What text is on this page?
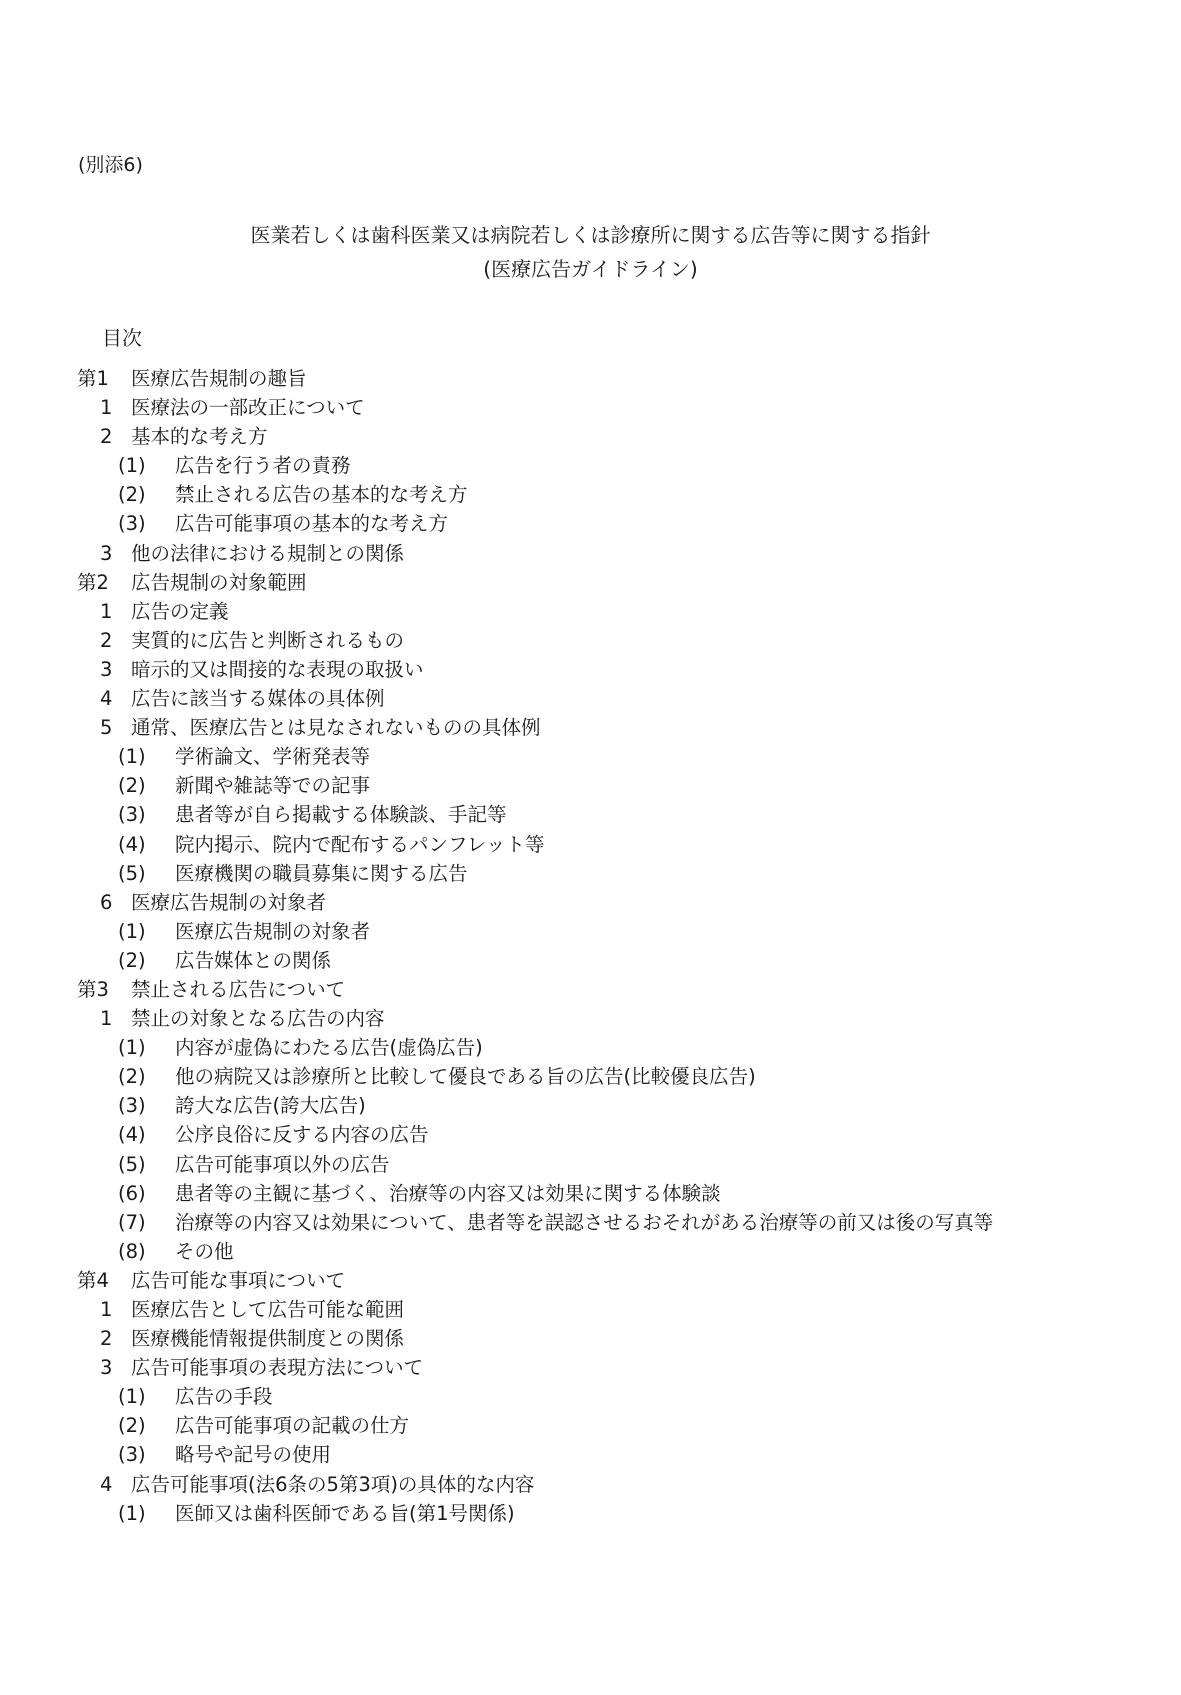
(別添6)
医業若しくは歯科医業又は病院若しくは診療所に関する広告等に関する指針
(医療広告ガイドライン)
目次
第1 医療広告規制の趣旨
1 医療法の一部改正について
2 基本的な考え方
(1) 広告を行う者の責務
(2) 禁止される広告の基本的な考え方
(3) 広告可能事項の基本的な考え方
3 他の法律における規制との関係
第2 広告規制の対象範囲
1 広告の定義
2 実質的に広告と判断されるもの
3 暗示的又は間接的な表現の取扱い
4 広告に該当する媒体の具体例
5 通常、医療広告とは見なされないものの具体例
(1) 学術論文、学術発表等
(2) 新聞や雑誌等での記事
(3) 患者等が自ら掲載する体験談、手記等
(4) 院内掲示、院内で配布するパンフレット等
(5) 医療機関の職員募集に関する広告
6 医療広告規制の対象者
(1) 医療広告規制の対象者
(2) 広告媒体との関係
第3 禁止される広告について
1 禁止の対象となる広告の内容
(1) 内容が虚偽にわたる広告(虚偽広告)
(2) 他の病院又は診療所と比較して優良である旨の広告(比較優良広告)
(3) 誇大な広告(誇大広告)
(4) 公序良俗に反する内容の広告
(5) 広告可能事項以外の広告
(6) 患者等の主観に基づく、治療等の内容又は効果に関する体験談
(7) 治療等の内容又は効果について、患者等を誤認させるおそれがある治療等の前又は後の写真等
(8) その他
第4 広告可能な事項について
1 医療広告として広告可能な範囲
2 医療機能情報提供制度との関係
3 広告可能事項の表現方法について
(1) 広告の手段
(2) 広告可能事項の記載の仕方
(3) 略号や記号の使用
4 広告可能事項(法6条の5第3項)の具体的な内容
(1) 医師又は歯科医師である旨(第1号関係)
